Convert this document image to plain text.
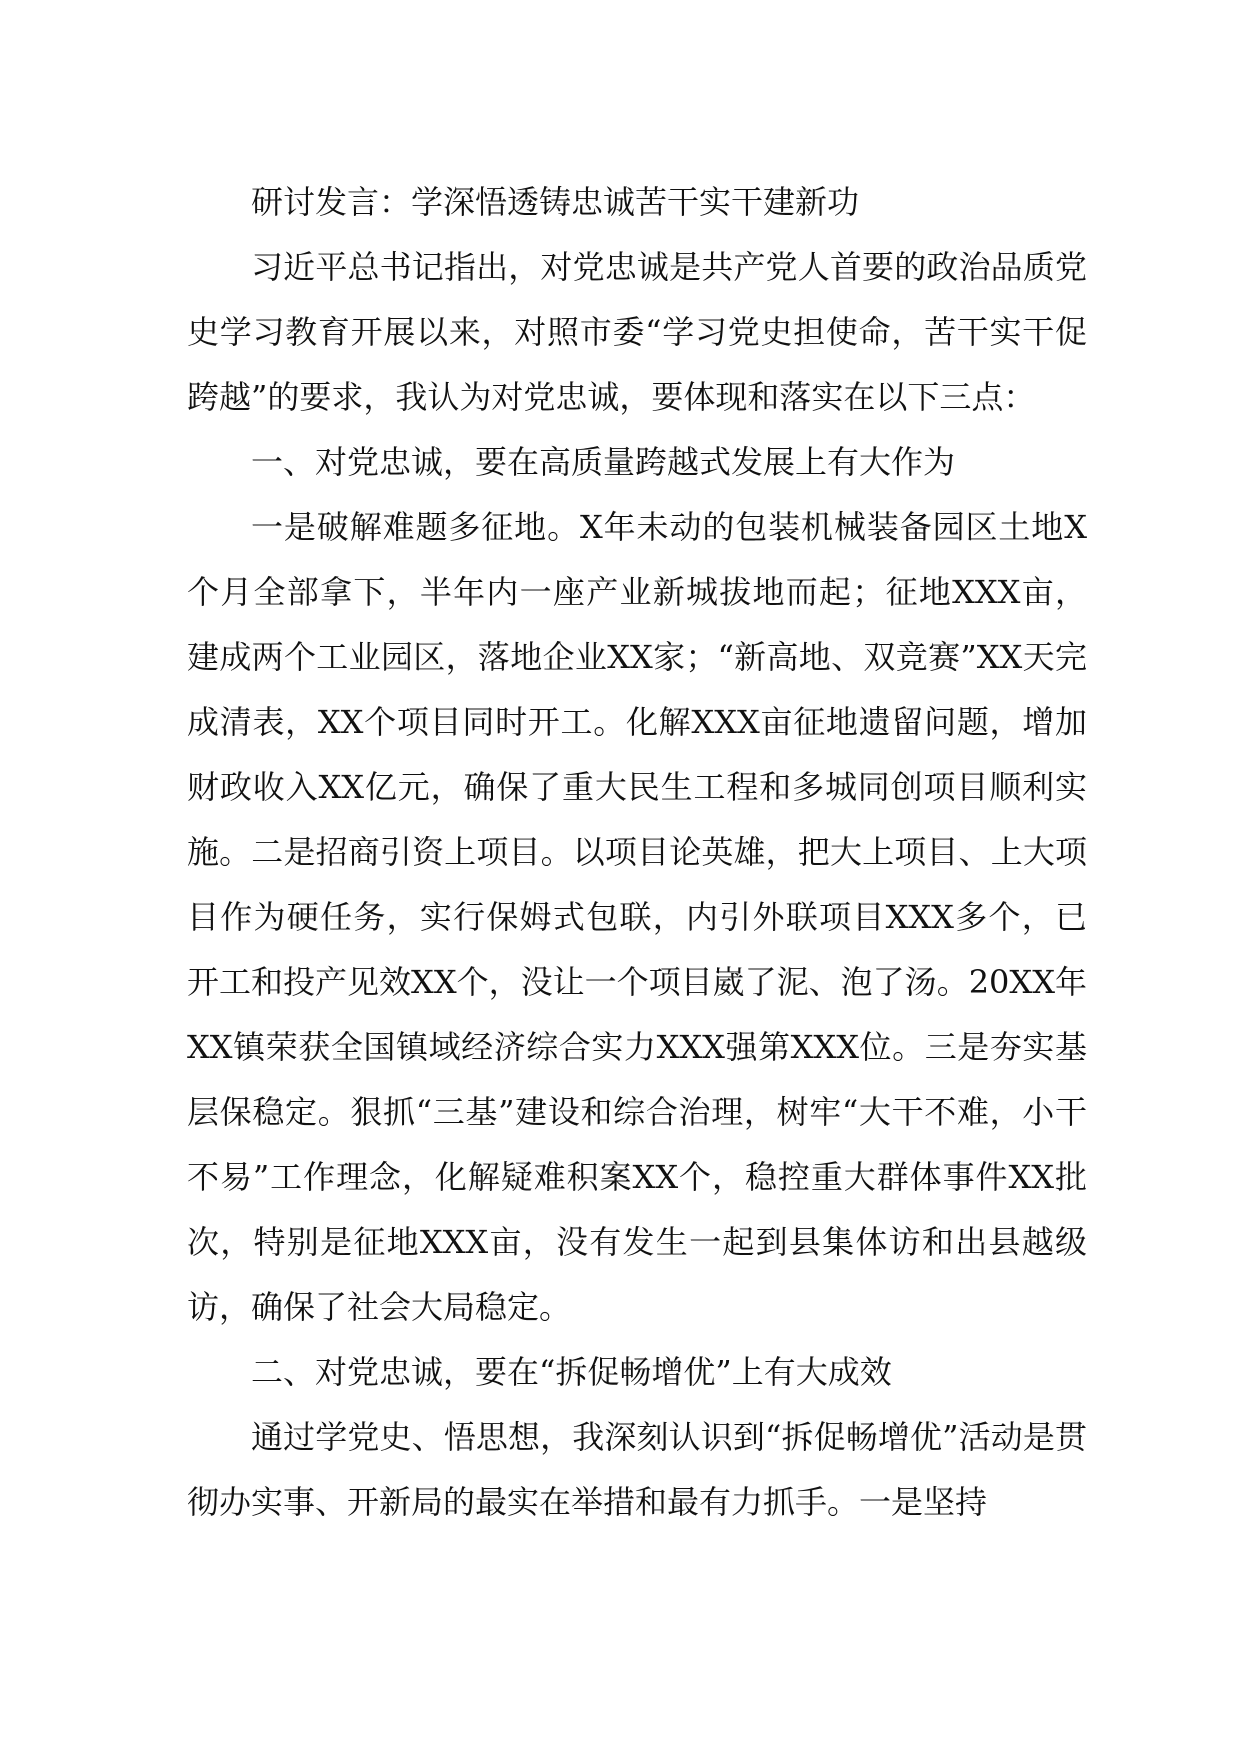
研讨发言：学深悟透铸忠诚苦干实干建新功

习近平总书记指出，对党忠诚是共产党人首要的政治品质党史学习教育开展以来，对照市委“学习党史担使命，苦干实干促跨越”的要求，我认为对党忠诚，要体现和落实在以下三点：

一、对党忠诚，要在高质量跨越式发展上有大作为

一是破解难题多征地。X年未动的包装机械装备园区土地X个月全部拿下，半年内一座产业新城拔地而起；征地XXX亩，建成两个工业园区，落地企业XX家；“新高地、双竞赛”XX天完成清表，XX个项目同时开工。化解XXX亩征地遗留问题，增加财政收入XX亿元，确保了重大民生工程和多城同创项目顺利实施。二是招商引资上项目。以项目论英雄，把大上项目、上大项目作为硬任务，实行保姆式包联，内引外联项目XXX多个，已开工和投产见效XX个，没让一个项目崴了泥、泡了汤。20XX年XX镇荣获全国镇域经济综合实力XXX强第XXX位。三是夯实基层保稳定。狠抓“三基”建设和综合治理，树牢“大干不难，小干不易”工作理念，化解疑难积案XX个，稳控重大群体事件XX批次，特别是征地XXX亩，没有发生一起到县集体访和出县越级访，确保了社会大局稳定。

二、对党忠诚，要在“拆促畅增优”上有大成效

通过学党史、悟思想，我深刻认识到“拆促畅增优”活动是贯彻办实事、开新局的最实在举措和最有力抓手。一是坚持
